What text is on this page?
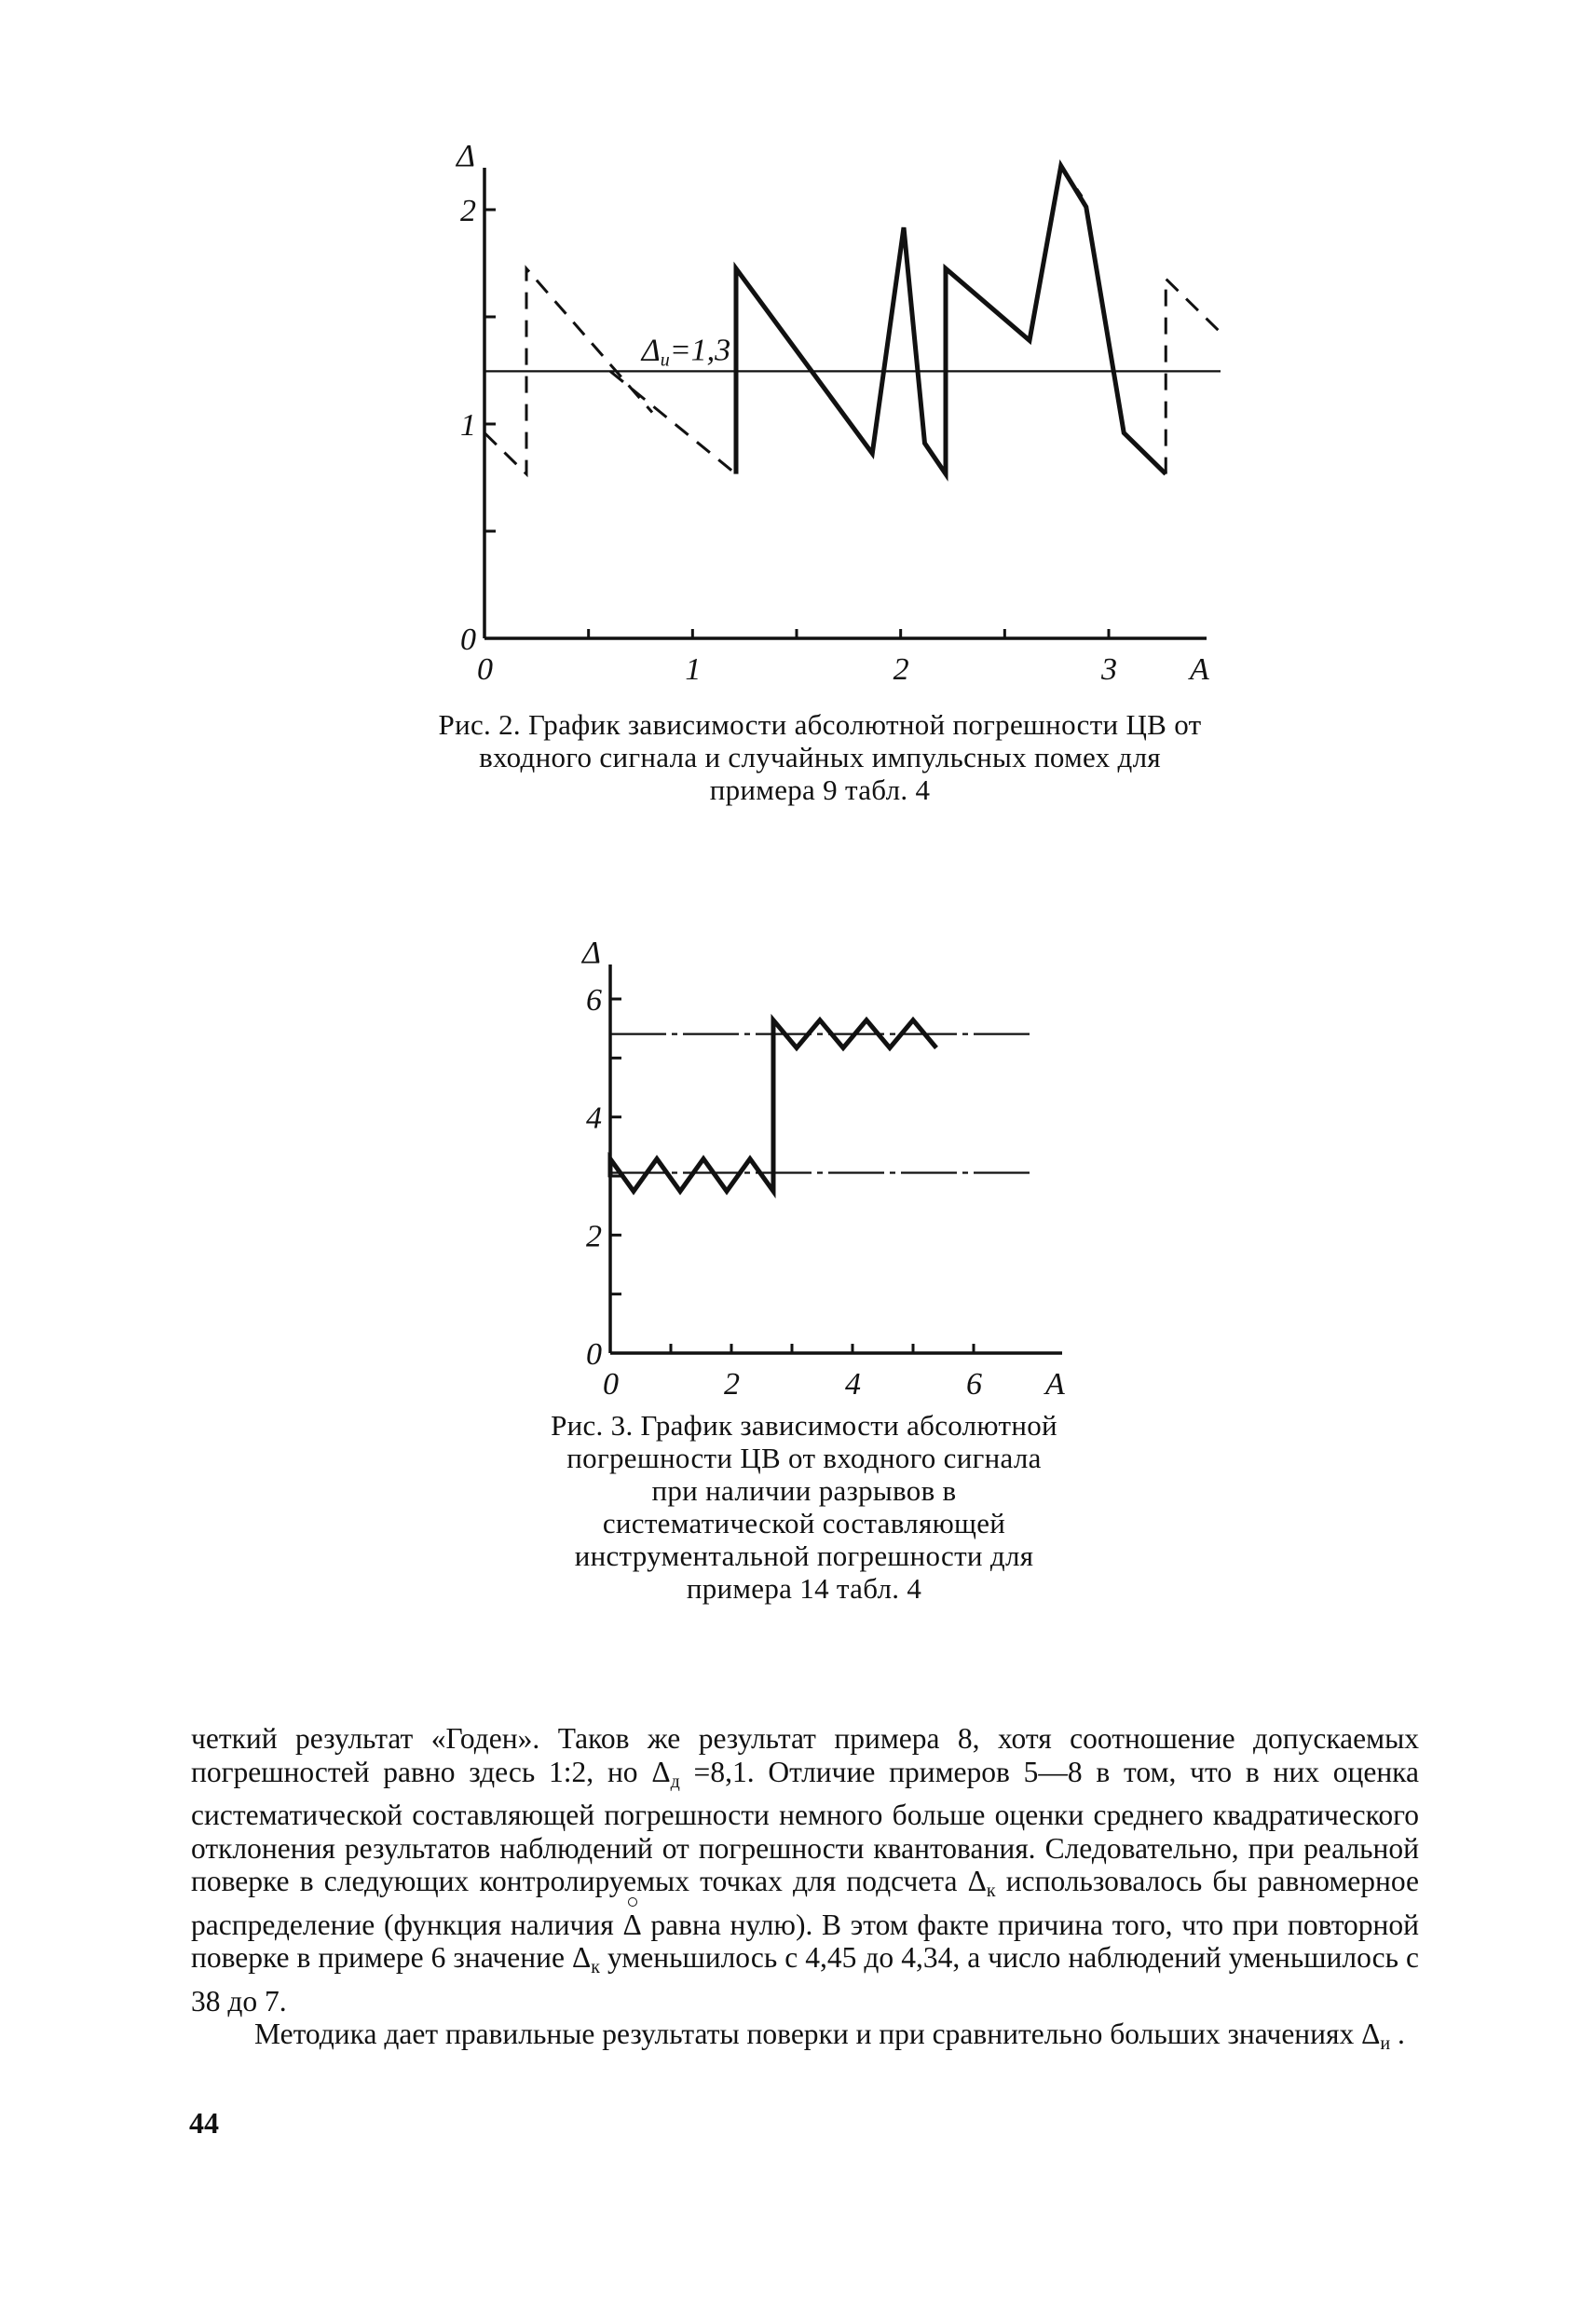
0	1	2	3 A
0
1
2
Δ
Δи=1,3
Рис. 2. График зависимости абсолютной погрешности ЦВ от входного сигнала и случайных импульсных помех для примера 9 табл. 4
0	2	4	6 A
0
2
4
6
Δ
Рис. 3. График зависимости абсолютной погрешности ЦВ от входного сигнала при наличии разрывов в систематической составляющей инструментальной погрешности для примера 14 табл. 4

четкий результат «Годен». Таков же результат примера 8, хотя соотношение допускаемых погрешностей равно здесь 1:2, но $\Delta_д =8,1$. Отличие примеров 5—8 в том, что в них оценка систематической составляющей погрешности немного больше оценки среднего квадратического отклонения результатов наблюдений от погрешности квантования. Следовательно, при реальной поверке в следующих контролируемых точках для подсчета $\Delta_к$ использовалось бы равномерное распределение (функция наличия Δ равна нулю). В этом факте причина того, что при повторной поверке в примере 6 значение $\Delta_к$ уменьшилось с 4,45 до 4,34, а число наблюдений уменьшилось с 38 до 7.

Методика дает правильные результаты поверки и при сравнительно больших значениях $\Delta_и$ .

44
